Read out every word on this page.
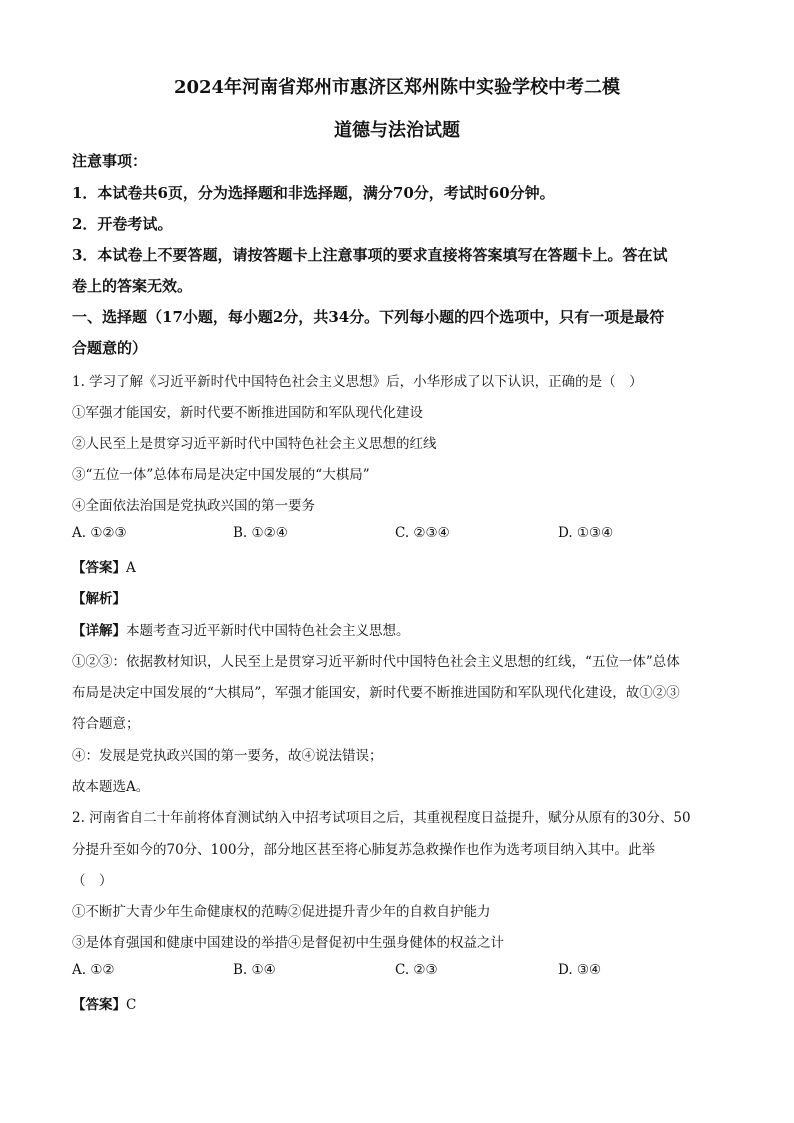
2024年河南省郑州市惠济区郑州陈中实验学校中考二模
道德与法治试题
注意事项：
1．本试卷共6页，分为选择题和非选择题，满分70分，考试时60分钟。
2．开卷考试。
3．本试卷上不要答题，请按答题卡上注意事项的要求直接将答案填写在答题卡上。答在试
卷上的答案无效。
一、选择题（17小题，每小题2分，共34分。下列每小题的四个选项中，只有一项是最符
合题意的）
1. 学习了解《习近平新时代中国特色社会主义思想》后，小华形成了以下认识，正确的是（　）
①军强才能国安，新时代要不断推进国防和军队现代化建设
②人民至上是贯穿习近平新时代中国特色社会主义思想的红线
③“五位一体”总体布局是决定中国发展的“大棋局”
④全面依法治国是党执政兴国的第一要务
A. ①②③	B. ①②④	C. ②③④	D. ①③④
【答案】A
【解析】
【详解】本题考查习近平新时代中国特色社会主义思想。
①②③：依据教材知识，人民至上是贯穿习近平新时代中国特色社会主义思想的红线，“五位一体”总体
布局是决定中国发展的“大棋局”，军强才能国安，新时代要不断推进国防和军队现代化建设，故①②③
符合题意；
④：发展是党执政兴国的第一要务，故④说法错误；
故本题选A。
2. 河南省自二十年前将体育测试纳入中招考试项目之后，其重视程度日益提升，赋分从原有的30分、50
分提升至如今的70分、100分，部分地区甚至将心肺复苏急救操作也作为选考项目纳入其中。此举
（　）
①不断扩大青少年生命健康权的范畴②促进提升青少年的自救自护能力
③是体育强国和健康中国建设的举措④是督促初中生强身健体的权益之计
A. ①②	B. ①④	C. ②③	D. ③④
【答案】C
